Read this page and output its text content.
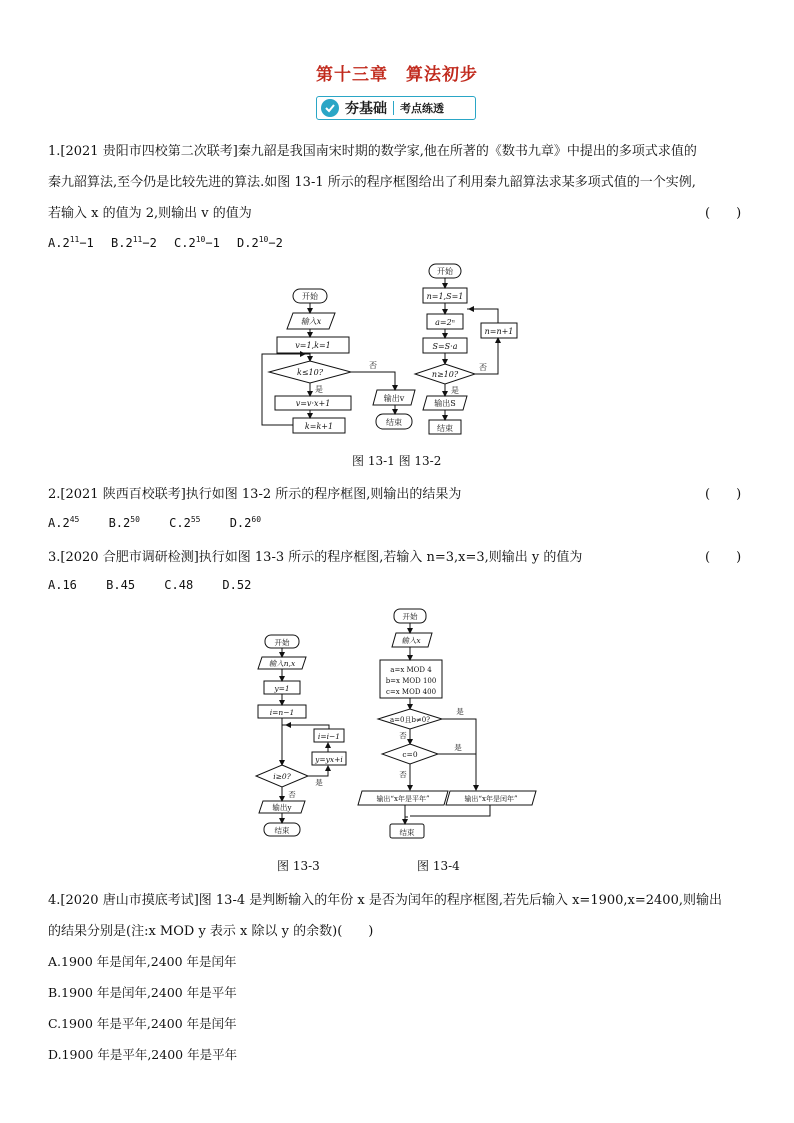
第十三章 算法初步
夯基础 考点练透
1.[2021 贵阳市四校第二次联考]秦九韶是我国南宋时期的数学家,他在所著的《数书九章》中提出的多项式求值的
秦九韶算法,至今仍是比较先进的算法.如图 13-1 所示的程序框图给出了利用秦九韶算法求某多项式值的一个实例,
若输入 x 的值为 2,则输出 v 的值为	(　　)
$A.2^{11}-1$ $B.2^{11}-2$ $C.2^{10}-1$ $D.2^{10}-2$
开始
输入x
v=1,k=1
k≤10?
是
否
v=v·x+1
k=k+1
输出v
结束
开始
n=1,S=1
a=2ⁿ
S=S·a
n≥10?
否
是
n=n+1
输出S
结束
图 13-1 图 13-2
2.[2021 陕西百校联考]执行如图 13-2 所示的程序框图,则输出的结果为	(　　)
$A.2^{45}$ $B.2^{50}$ $C.2^{55}$ $D.2^{60}$
3.[2020 合肥市调研检测]执行如图 13-3 所示的程序框图,若输入 n=3,x=3,则输出 y 的值为	(　　)
A.16 B.45 C.48 D.52
开始
输入n,x
y=1
i=n−1
i≥0?
是
否
y=yx+i
i=i−1
输出y
结束
开始
输入x
a=x MOD 4
b=x MOD 100
c=x MOD 400
a=0且b≠0?
是
否
c=0
是
否
输出“x年是平年”	输出“x年是闰年”
结束
图 13-3	图 13-4
4.[2020 唐山市摸底考试]图 13-4 是判断输入的年份 x 是否为闰年的程序框图,若先后输入 x=1900,x=2400,则输出
的结果分别是(注:x MOD y 表示 x 除以 y 的余数)(　　)
A.1900 年是闰年,2400 年是闰年
B.1900 年是闰年,2400 年是平年
C.1900 年是平年,2400 年是闰年
D.1900 年是平年,2400 年是平年
